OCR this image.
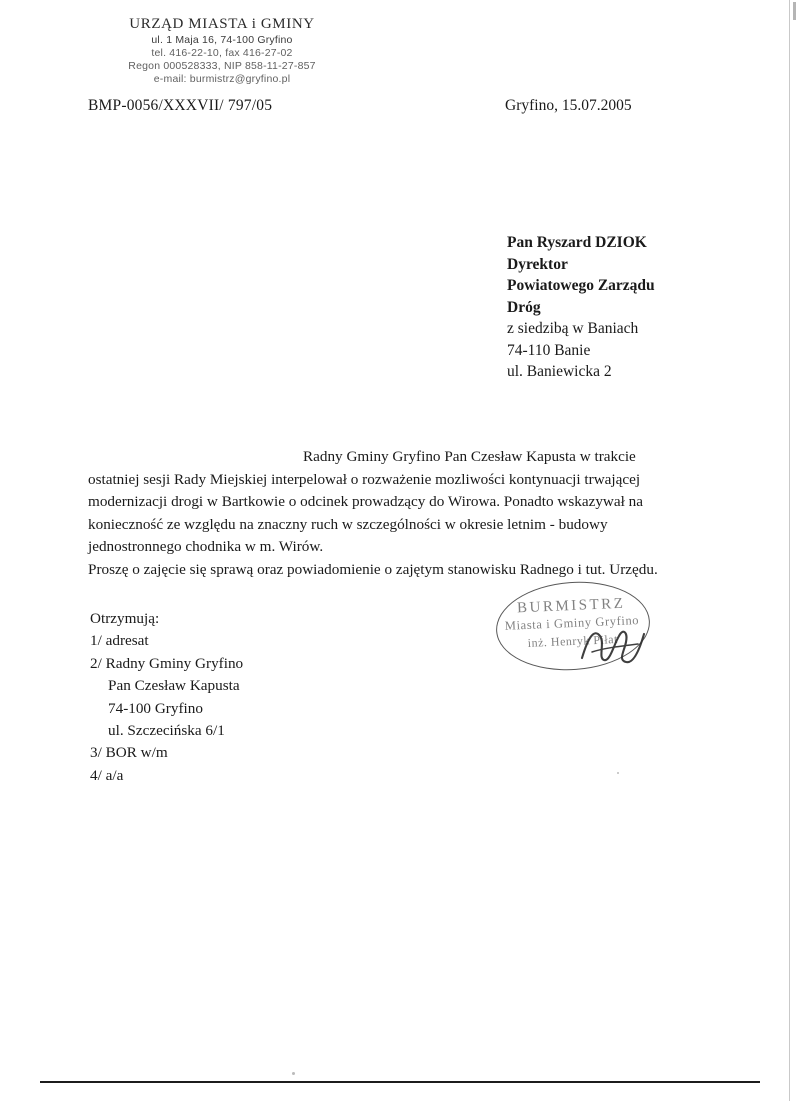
URZĄD MIASTA i GMINY
ul. 1 Maja 16, 74-100 Gryfino
tel. 416-22-10, fax 416-27-02
Regon 000528333, NIP 858-11-27-857
e-mail: burmistrz@gryfino.pl
BMP-0056/XXXVII/ 797/05	Gryfino, 15.07.2005
Pan Ryszard DZIOK
Dyrektor
Powiatowego Zarządu
Dróg
z siedzibą w Baniach
74-110 Banie
ul. Baniewicka 2

Radny Gminy Gryfino Pan Czesław Kapusta w trakcie ostatniej sesji Rady Miejskiej interpelował o rozważenie mozliwości kontynuacji trwającej modernizacji drogi w Bartkowie o odcinek prowadzący do Wirowa. Ponadto wskazywał na konieczność ze względu na znaczny ruch w szczególności w okresie letnim - budowy jednostronnego chodnika w m. Wirów.

Proszę o zajęcie się sprawą oraz powiadomienie o zajętym stanowisku Radnego i tut. Urzędu.

Otrzymują:
1/ adresat
2/ Radny Gminy Gryfino
Pan Czesław Kapusta
74-100 Gryfino
ul. Szczecińska 6/1
3/ BOR w/m
4/ a/a
BURMISTRZ
Miasta i Gminy Gryfino
inż. Henryk Piłat
